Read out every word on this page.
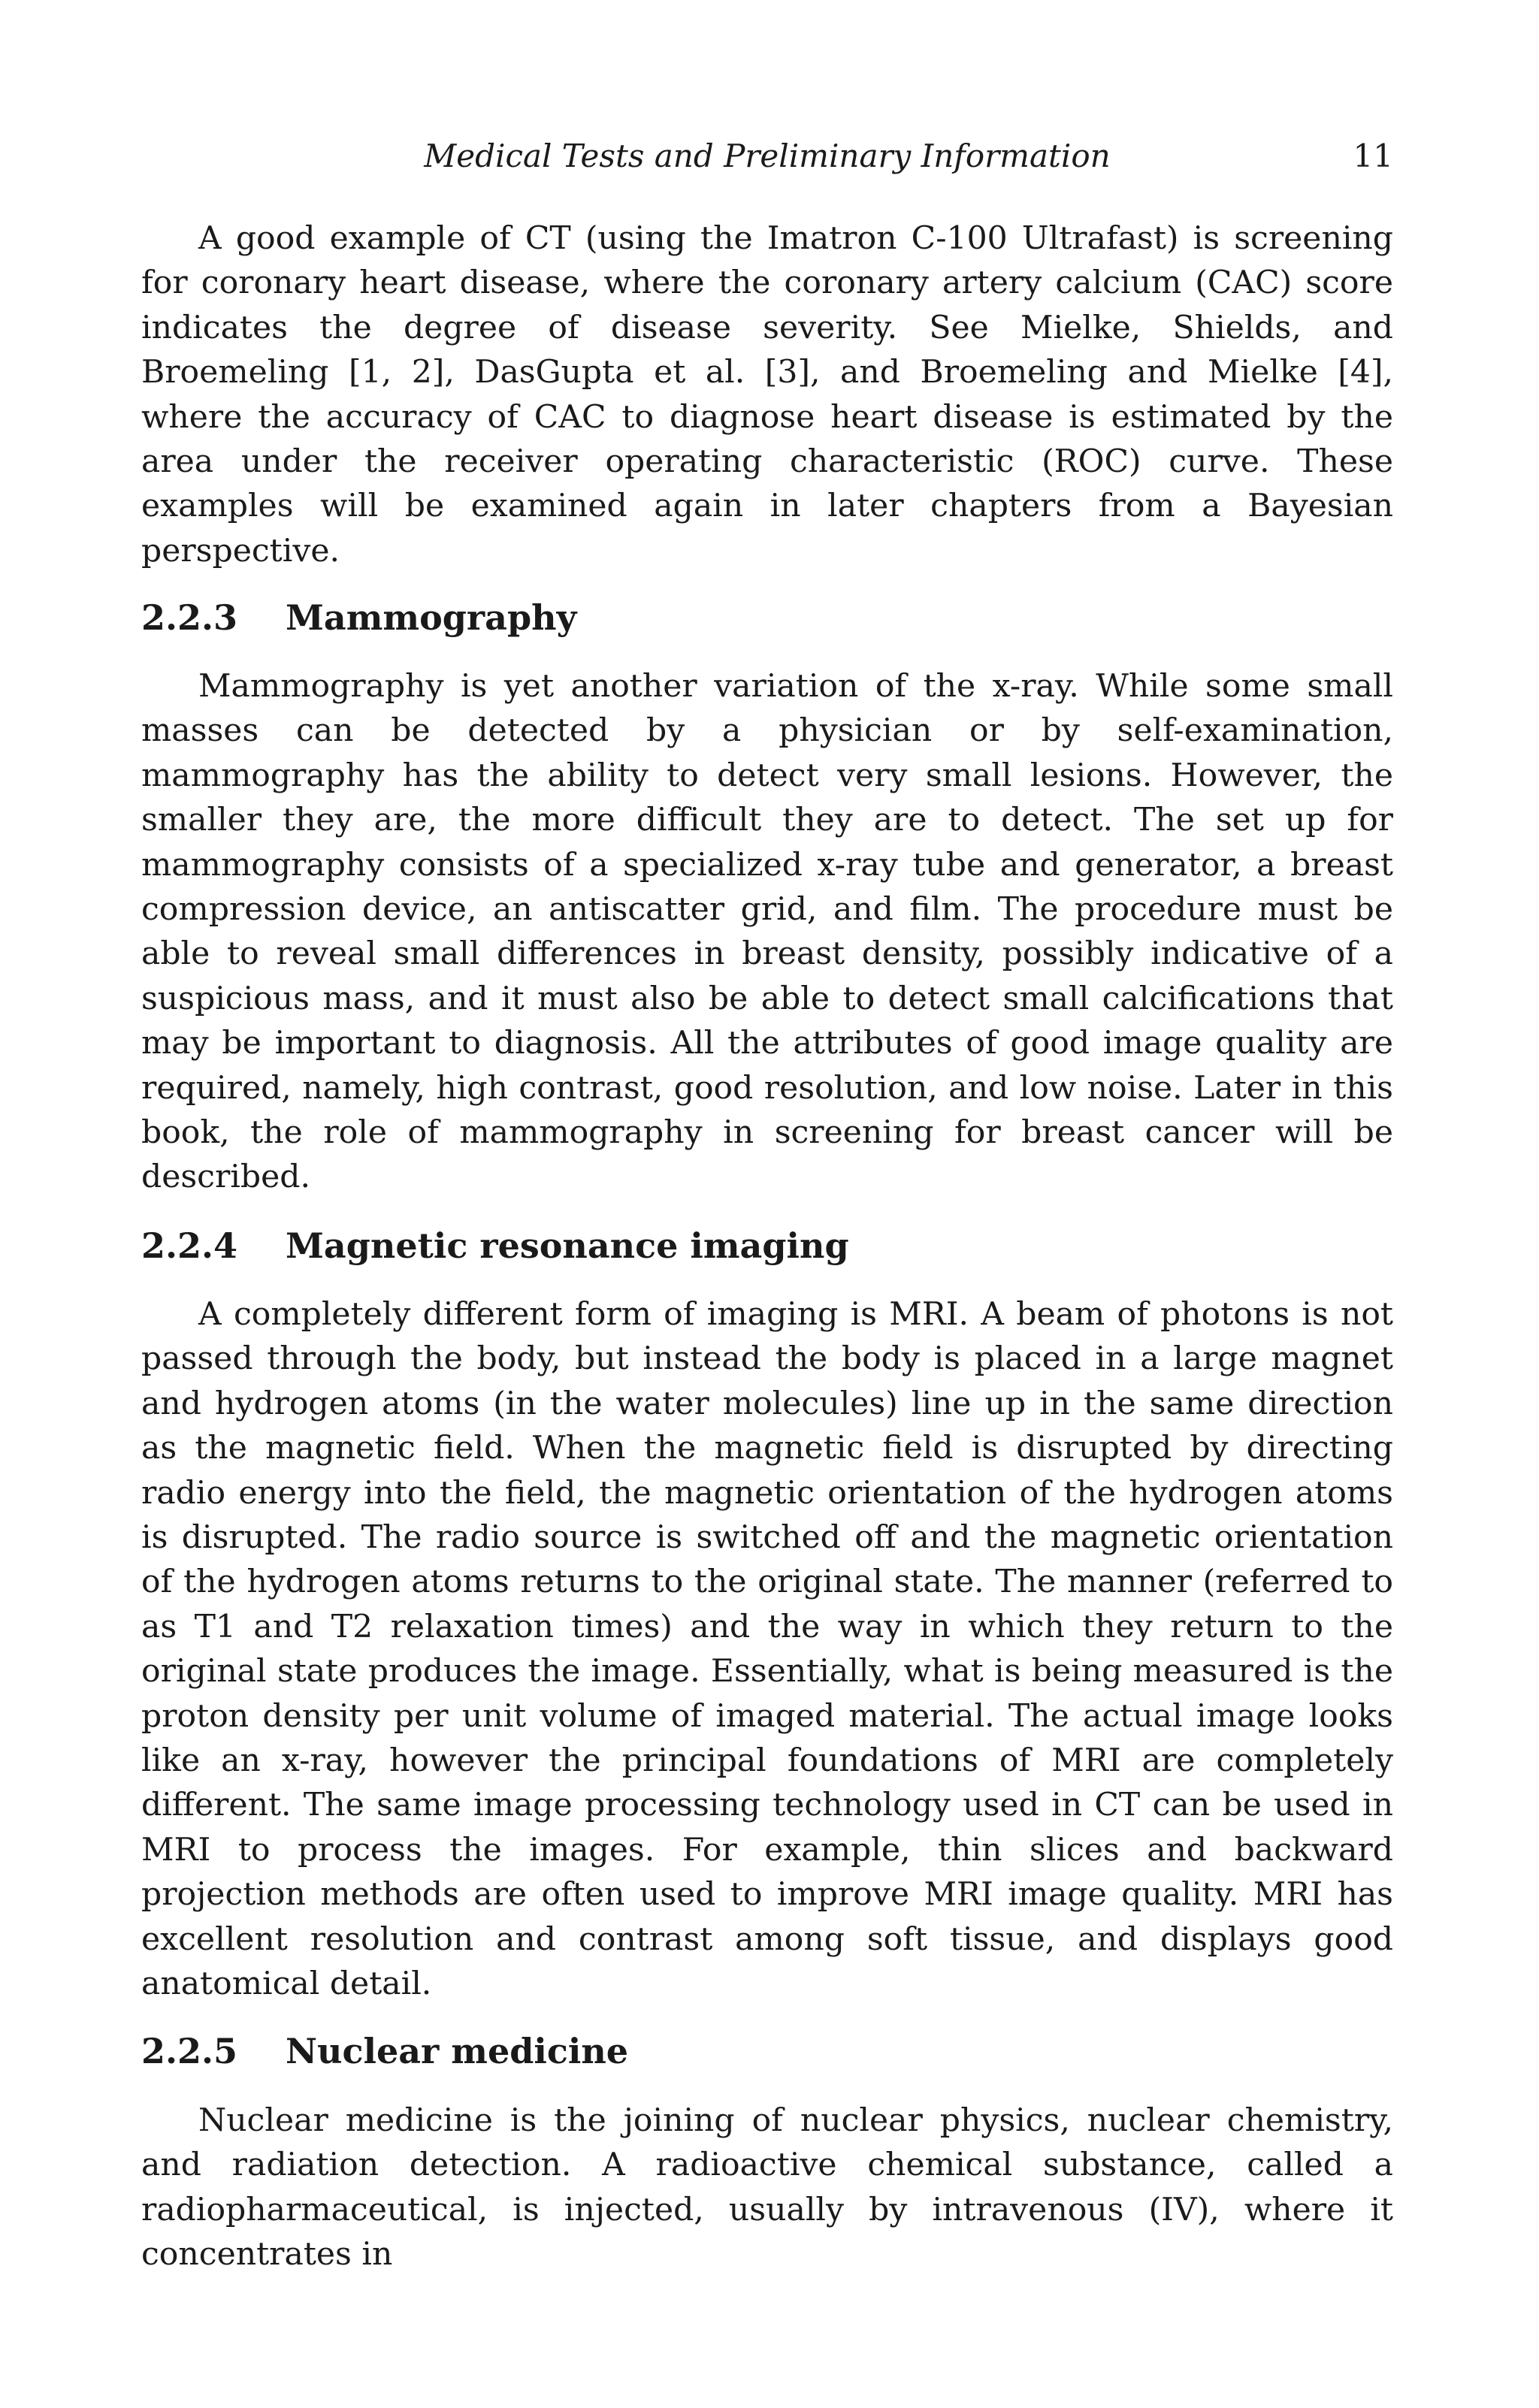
Medical Tests and Preliminary Information	11

A good example of CT (using the Imatron C-100 Ultrafast) is screening for coronary heart disease, where the coronary artery calcium (CAC) score indicates the degree of disease severity. See Mielke, Shields, and Broemeling [1, 2], DasGupta et al. [3], and Broemeling and Mielke [4], where the accuracy of CAC to diagnose heart disease is estimated by the area under the receiver operating characteristic (ROC) curve. These examples will be examined again in later chapters from a Bayesian perspective.

2.2.3 Mammography

Mammography is yet another variation of the x-ray. While some small masses can be detected by a physician or by self-examination, mammography has the ability to detect very small lesions. However, the smaller they are, the more difficult they are to detect. The set up for mammography consists of a specialized x-ray tube and generator, a breast compression device, an antiscatter grid, and film. The procedure must be able to reveal small differences in breast density, possibly indicative of a suspicious mass, and it must also be able to detect small calcifications that may be important to diagnosis. All the attributes of good image quality are required, namely, high contrast, good resolution, and low noise. Later in this book, the role of mammography in screening for breast cancer will be described.

2.2.4 Magnetic resonance imaging

A completely different form of imaging is MRI. A beam of photons is not passed through the body, but instead the body is placed in a large magnet and hydrogen atoms (in the water molecules) line up in the same direction as the magnetic field. When the magnetic field is disrupted by directing radio energy into the field, the magnetic orientation of the hydrogen atoms is disrupted. The radio source is switched off and the magnetic orientation of the hydrogen atoms returns to the original state. The manner (referred to as T1 and T2 relaxation times) and the way in which they return to the original state produces the image. Essentially, what is being measured is the proton density per unit volume of imaged material. The actual image looks like an x-ray, however the principal foundations of MRI are completely different. The same image processing technology used in CT can be used in MRI to process the images. For example, thin slices and backward projection methods are often used to improve MRI image quality. MRI has excellent resolution and contrast among soft tissue, and displays good anatomical detail.

2.2.5 Nuclear medicine

Nuclear medicine is the joining of nuclear physics, nuclear chemistry, and radiation detection. A radioactive chemical substance, called a radiopharmaceutical, is injected, usually by intravenous (IV), where it concentrates in
